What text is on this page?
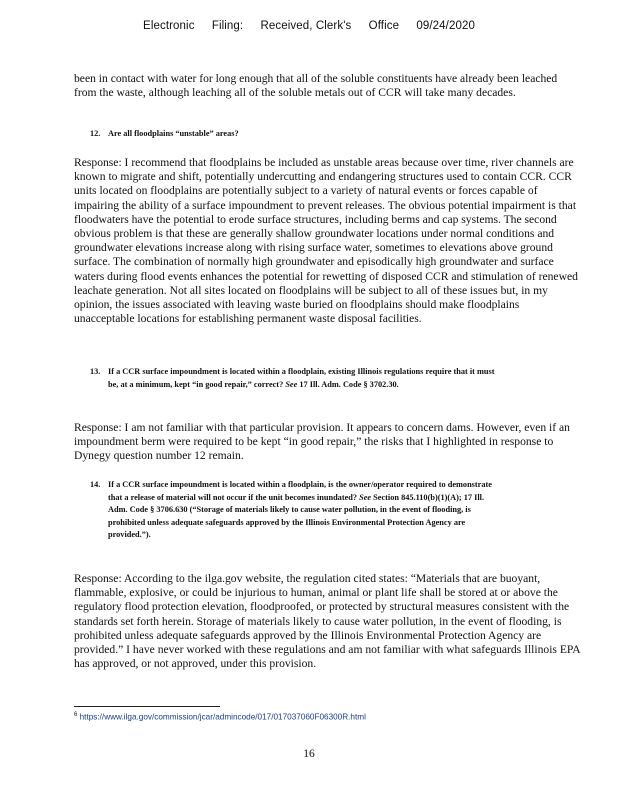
Electronic Filing: Received, Clerk's Office 09/24/2020
been in contact with water for long enough that all of the soluble constituents have already been leached from the waste, although leaching all of the soluble metals out of CCR will take many decades.
12. Are all floodplains “unstable” areas?
Response: I recommend that floodplains be included as unstable areas because over time, river channels are known to migrate and shift, potentially undercutting and endangering structures used to contain CCR. CCR units located on floodplains are potentially subject to a variety of natural events or forces capable of impairing the ability of a surface impoundment to prevent releases. The obvious potential impairment is that floodwaters have the potential to erode surface structures, including berms and cap systems. The second obvious problem is that these are generally shallow groundwater locations under normal conditions and groundwater elevations increase along with rising surface water, sometimes to elevations above ground surface. The combination of normally high groundwater and episodically high groundwater and surface waters during flood events enhances the potential for rewetting of disposed CCR and stimulation of renewed leachate generation. Not all sites located on floodplains will be subject to all of these issues but, in my opinion, the issues associated with leaving waste buried on floodplains should make floodplains unacceptable locations for establishing permanent waste disposal facilities.
13. If a CCR surface impoundment is located within a floodplain, existing Illinois regulations require that it must be, at a minimum, kept “in good repair,” correct? See 17 Ill. Adm. Code § 3702.30.
Response: I am not familiar with that particular provision. It appears to concern dams. However, even if an impoundment berm were required to be kept “in good repair,” the risks that I highlighted in response to Dynegy question number 12 remain.
14. If a CCR surface impoundment is located within a floodplain, is the owner/operator required to demonstrate that a release of material will not occur if the unit becomes inundated? See Section 845.110(b)(1)(A); 17 Ill. Adm. Code § 3706.630 (“Storage of materials likely to cause water pollution, in the event of flooding, is prohibited unless adequate safeguards approved by the Illinois Environmental Protection Agency are provided.”).
Response: According to the ilga.gov website, the regulation cited states: “Materials that are buoyant, flammable, explosive, or could be injurious to human, animal or plant life shall be stored at or above the regulatory flood protection elevation, floodproofed, or protected by structural measures consistent with the standards set forth herein. Storage of materials likely to cause water pollution, in the event of flooding, is prohibited unless adequate safeguards approved by the Illinois Environmental Protection Agency are provided.” I have never worked with these regulations and am not familiar with what safeguards Illinois EPA has approved, or not approved, under this provision.
$^6$ https://www.ilga.gov/commission/jcar/admincode/017/017037060F06300R.html
16
